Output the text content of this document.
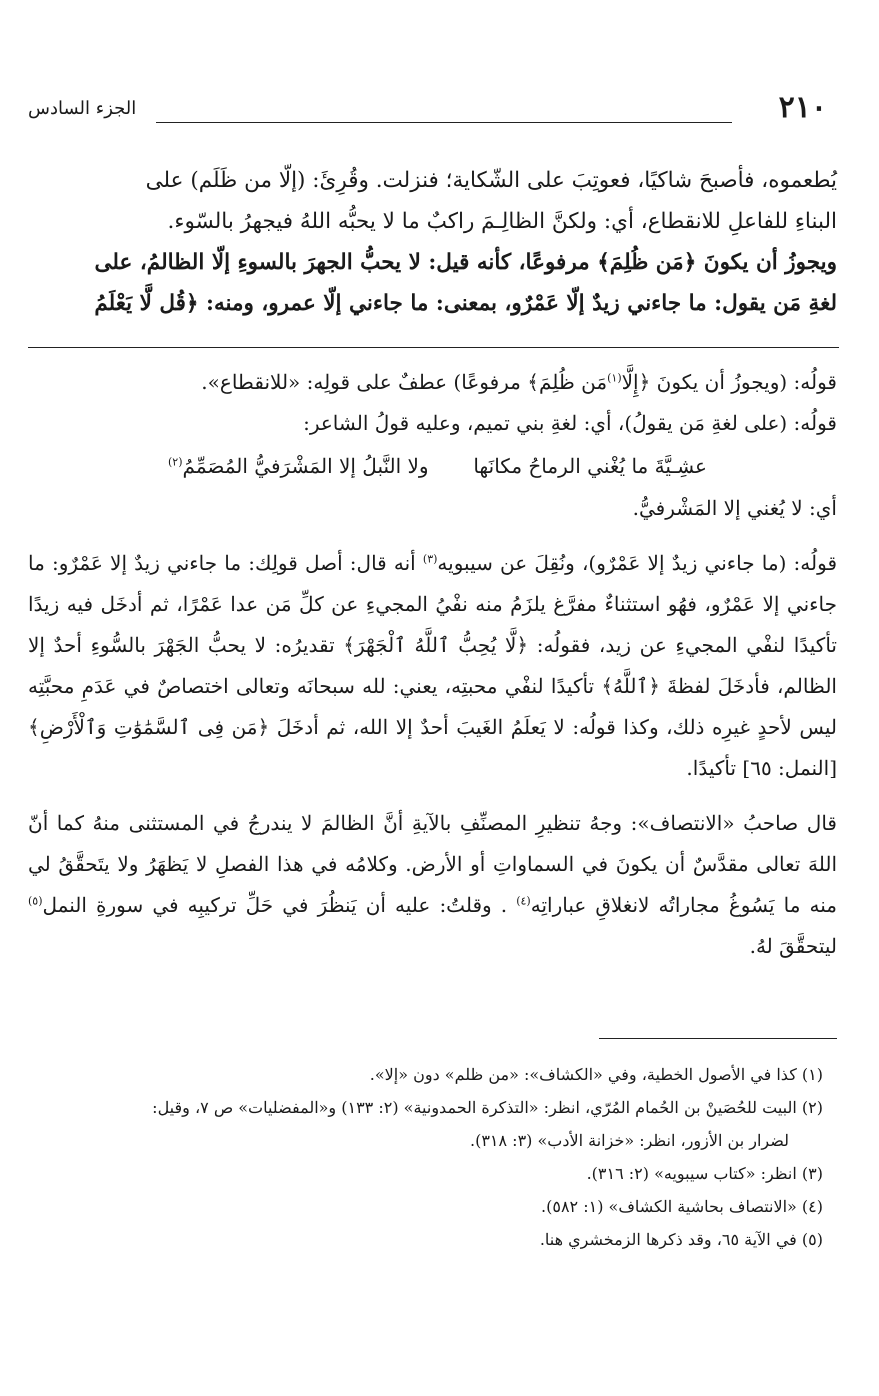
٢١٠
الجزء السادس

يُطعموه، فأصبحَ شاكيًا، فعوتِبَ على الشّكاية؛ فنزلت. وقُرِئَ: (إلّا من ظَلَم) على

البناءِ للفاعلِ للانقطاع، أي: ولكنَّ الظالِـمَ راكبٌ ما لا يحبُّه اللهُ فيجهرُ بالسّوء.

ويجوزُ أن يكونَ ﴿مَن ظُلِمَ﴾ مرفوعًا، كأنه قيل: لا يحبُّ الجهرَ بالسوءِ إلّا الظالمُ، على

لغةِ مَن يقول: ما جاءني زيدٌ إلّا عَمْرٌو، بمعنى: ما جاءني إلّا عمرو، ومنه: ﴿قُل لَّا يَعْلَمُ

قولُه: (ويجوزُ أن يكونَ ﴿إِلَّا$^{(١)}$مَن ظُلِمَ﴾ مرفوعًا) عطفٌ على قولِه: «للانقطاع».

قولُه: (على لغةِ مَن يقولُ)، أي: لغةِ بني تميم، وعليه قولُ الشاعر:

عشِـيَّةَ ما يُغْني الرماحُ مكانَها
ولا النَّبلُ إلا المَشْرَفيُّ المُصَمِّمُ$^{(٢)}$

أي: لا يُغني إلا المَشْرفيُّ.

قولُه: (ما جاءني زيدٌ إلا عَمْرٌو)، ونُقِلَ عن سيبويه$^{(٣)}$ أنه قال: أصل قولِك: ما جاءني زيدٌ إلا عَمْرٌو: ما جاءني إلا عَمْرٌو، فهُو استثناءٌ مفرَّغ يلزَمُ منه نفْيُ المجيءِ عن كلِّ مَن عدا عَمْرًا، ثم أدخَل فيه زيدًا تأكيدًا لنفْي المجيءِ عن زيد، فقولُه: ﴿لَّا يُحِبُّ ٱللَّهُ ٱلْجَهْرَ﴾ تقديرُه: لا يحبُّ الجَهْرَ بالسُّوءِ أحدٌ إلا الظالم، فأدخَلَ لفظةَ ﴿ٱللَّهُ﴾ تأكيدًا لنفْي محبتِه، يعني: لله سبحانَه وتعالى اختصاصٌ في عَدَمِ محبَّتِه ليس لأحدٍ غيرِه ذلك، وكذا قولُه: لا يَعلَمُ الغَيبَ أحدٌ إلا الله، ثم أدخَلَ ﴿مَن فِى ٱلسَّمَٰوَٰتِ وَٱلْأَرْضِ﴾ [النمل: ٦٥] تأكيدًا.

قال صاحبُ «الانتصاف»: وجهُ تنظيرِ المصنِّفِ بالآيةِ أنَّ الظالمَ لا يندرجُ في المستثنى منهُ كما أنّ اللهَ تعالى مقدَّسٌ أن يكونَ في السماواتِ أو الأرض. وكلامُه في هذا الفصلِ لا يَظهَرُ ولا يتَحقَّقُ لي منه ما يَسُوغُ مجاراتُه لانغلاقِ عباراتِه$^{(٤)}$ . وقلتُ: عليه أن يَنظُرَ في حَلِّ تركيبِه في سورةِ النمل$^{(٥)}$ ليتحقَّقَ لهُ.

(١) كذا في الأصول الخطية، وفي «الكشاف»: «من ظلم» دون «إلا».

(٢) البيت للحُصَينْ بن الحُمام المُرّي، انظر: «التذكرة الحمدونية» (٢: ١٣٣) و«المفضليات» ص ٧، وقيل:

لضرار بن الأزور، انظر: «خزانة الأدب» (٣: ٣١٨).

(٣) انظر: «كتاب سيبويه» (٢: ٣١٦).

(٤) «الانتصاف بحاشية الكشاف» (١: ٥٨٢).

(٥) في الآية ٦٥، وقد ذكرها الزمخشري هنا.
